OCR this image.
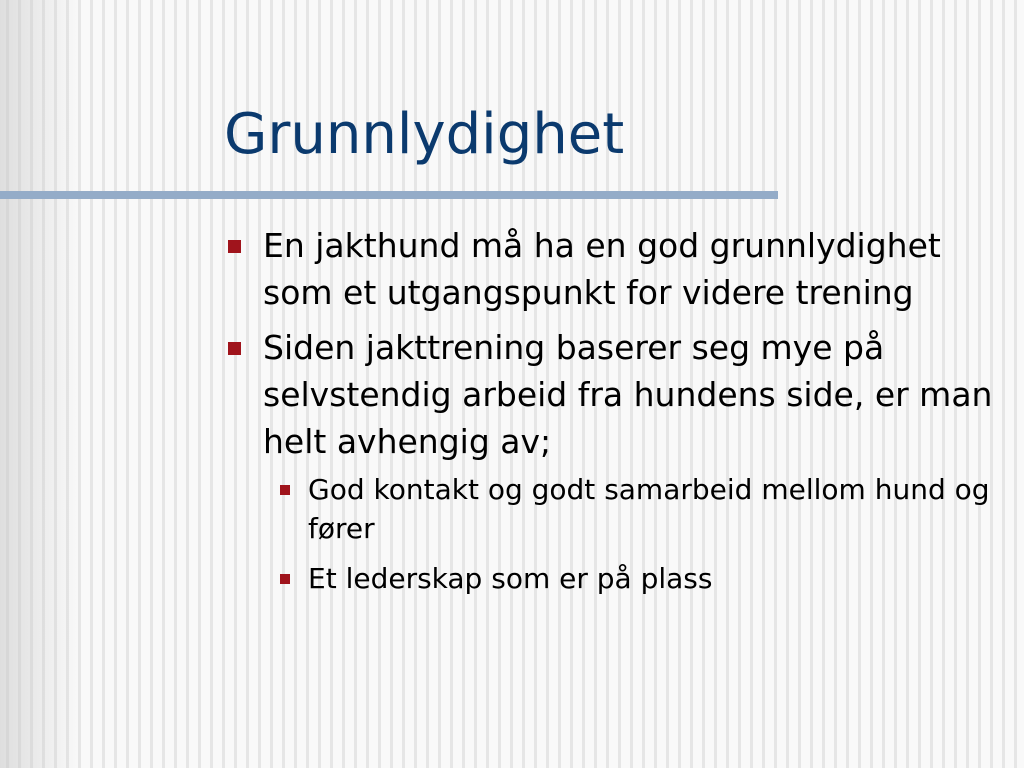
Grunnlydighet
En jakthund må ha en god grunnlydighet som et utgangspunkt for videre trening
Siden jakttrening baserer seg mye på selvstendig arbeid fra hundens side, er man helt avhengig av;
God kontakt og godt samarbeid mellom hund og fører
Et lederskap som er på plass
